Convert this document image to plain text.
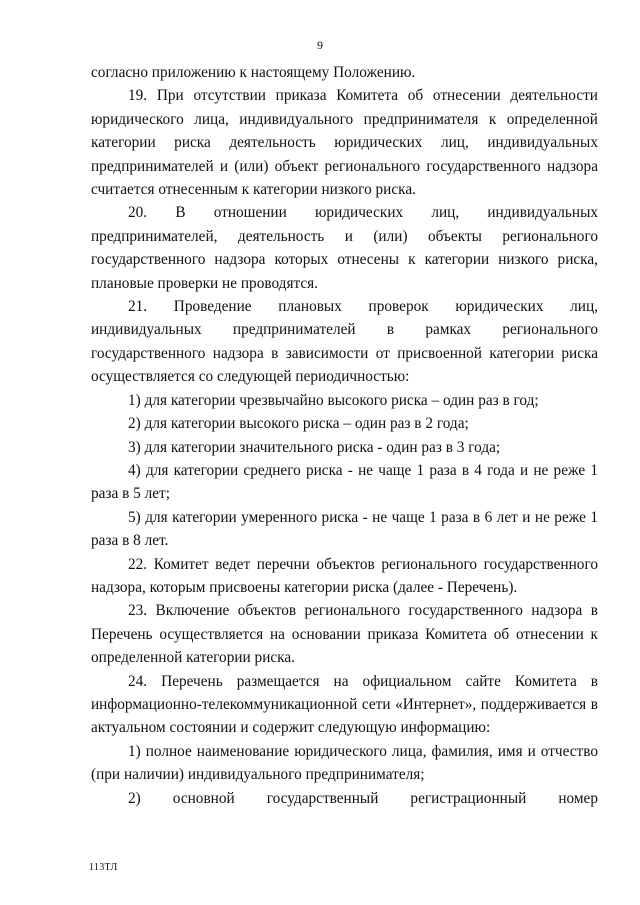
9

согласно приложению к настоящему Положению.

19. При отсутствии приказа Комитета об отнесении деятельности юридического лица, индивидуального предпринимателя к определенной категории риска деятельность юридических лиц, индивидуальных предпринимателей и (или) объект регионального государственного надзора считается отнесенным к категории низкого риска.

20. В отношении юридических лиц, индивидуальных предпринимателей, деятельность и (или) объекты регионального государственного надзора которых отнесены к категории низкого риска, плановые проверки не проводятся.

21. Проведение плановых проверок юридических лиц, индивидуальных предпринимателей в рамках регионального государственного надзора в зависимости от присвоенной категории риска осуществляется со следующей периодичностью:

1) для категории чрезвычайно высокого риска – один раз в год;

2) для категории высокого риска – один раз в 2 года;

3) для категории значительного риска - один раз в 3 года;

4) для категории среднего риска - не чаще 1 раза в 4 года и не реже 1 раза в 5 лет;

5) для категории умеренного риска - не чаще 1 раза в 6 лет и не реже 1 раза в 8 лет.

22. Комитет ведет перечни объектов регионального государственного надзора, которым присвоены категории риска (далее - Перечень).

23. Включение объектов регионального государственного надзора в Перечень осуществляется на основании приказа Комитета об отнесении к определенной категории риска.

24. Перечень размещается на официальном сайте Комитета в информационно-телекоммуникационной сети «Интернет», поддерживается в актуальном состоянии и содержит следующую информацию:

1) полное наименование юридического лица, фамилия, имя и отчество (при наличии) индивидуального предпринимателя;

2) основной государственный регистрационный номер

113ТЛ
